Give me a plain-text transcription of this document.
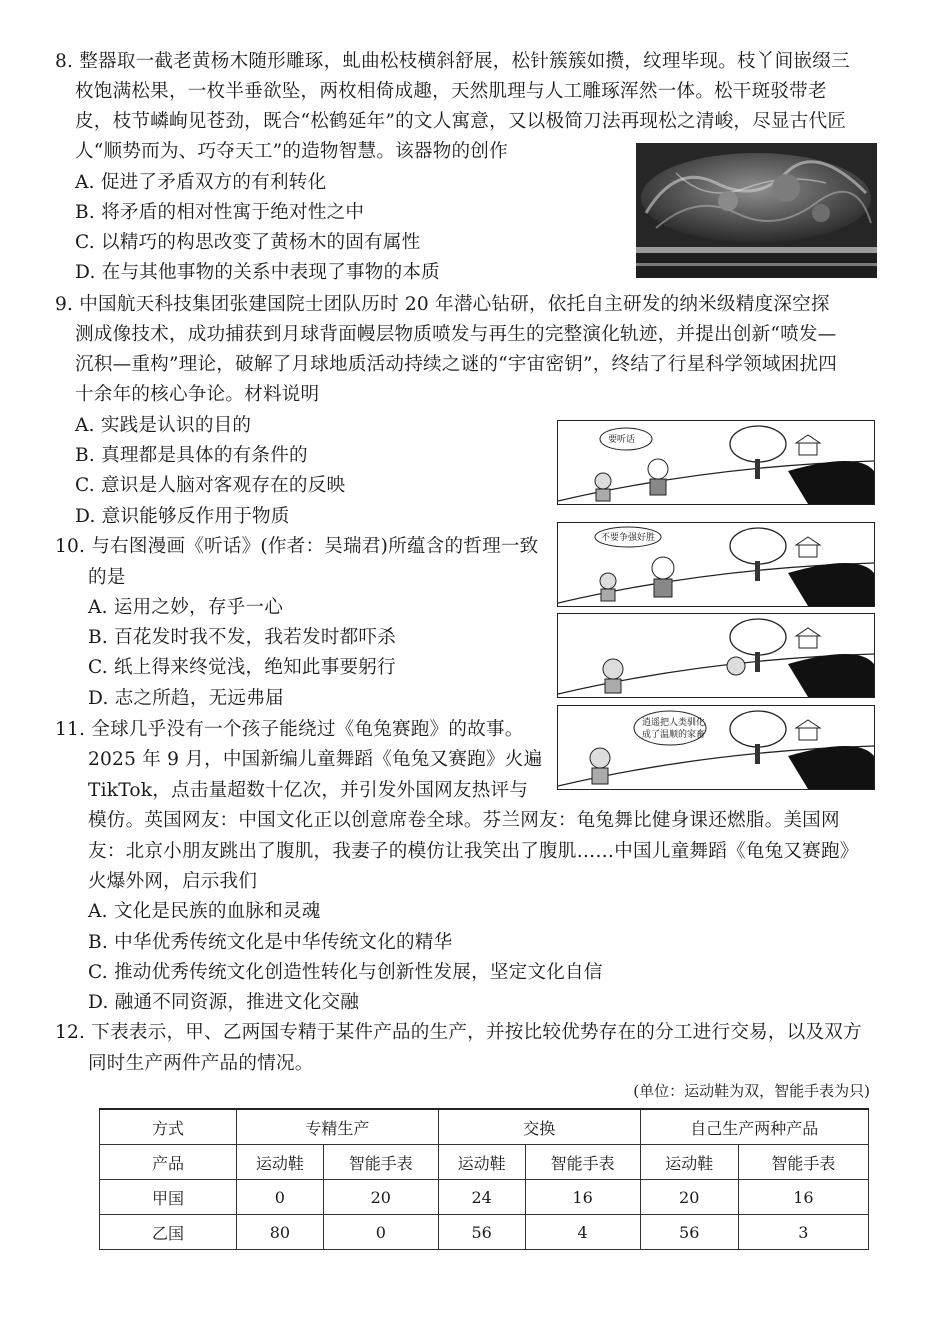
8. 整器取一截老黄杨木随形雕琢，虬曲松枝横斜舒展，松针簇簇如攒，纹理毕现。枝丫间嵌缀三
枚饱满松果，一枚半垂欲坠，两枚相倚成趣，天然肌理与人工雕琢浑然一体。松干斑驳带老
皮，枝节嶙峋见苍劲，既合“松鹤延年”的文人寓意，又以极简刀法再现松之清峻，尽显古代匠
人“顺势而为、巧夺天工”的造物智慧。该器物的创作
A. 促进了矛盾双方的有利转化
B. 将矛盾的相对性寓于绝对性之中
C. 以精巧的构思改变了黄杨木的固有属性
D. 在与其他事物的关系中表现了事物的本质
9. 中国航天科技集团张建国院士团队历时 20 年潜心钻研，依托自主研发的纳米级精度深空探
测成像技术，成功捕获到月球背面幔层物质喷发与再生的完整演化轨迹，并提出创新“喷发—
沉积—重构”理论，破解了月球地质活动持续之谜的“宇宙密钥”，终结了行星科学领域困扰四
十余年的核心争论。材料说明
A. 实践是认识的目的
B. 真理都是具体的有条件的
C. 意识是人脑对客观存在的反映
D. 意识能够反作用于物质
10. 与右图漫画《听话》(作者：吴瑞君)所蕴含的哲理一致
的是
A. 运用之妙，存乎一心
B. 百花发时我不发，我若发时都吓杀
C. 纸上得来终觉浅，绝知此事要躬行
D. 志之所趋，无远弗届
要听话
不要争强好胜
逍遥把人类驯化
成了温顺的家畜
11. 全球几乎没有一个孩子能绕过《龟兔赛跑》的故事。
2025 年 9 月，中国新编儿童舞蹈《龟兔又赛跑》火遍
TikTok，点击量超数十亿次，并引发外国网友热评与
模仿。英国网友：中国文化正以创意席卷全球。芬兰网友：龟兔舞比健身课还燃脂。美国网
友：北京小朋友跳出了腹肌，我妻子的模仿让我笑出了腹肌……中国儿童舞蹈《龟兔又赛跑》
火爆外网，启示我们
A. 文化是民族的血脉和灵魂
B. 中华优秀传统文化是中华传统文化的精华
C. 推动优秀传统文化创造性转化与创新性发展，坚定文化自信
D. 融通不同资源，推进文化交融
12. 下表表示，甲、乙两国专精于某件产品的生产，并按比较优势存在的分工进行交易，以及双方
同时生产两件产品的情况。
(单位：运动鞋为双，智能手表为只)
方式	专精生产		交换		自己生产两种产品	
产品	运动鞋	智能手表	运动鞋	智能手表	运动鞋	智能手表
甲国	0	20	24	16	20	16
乙国	80	0	56	4	56	3
